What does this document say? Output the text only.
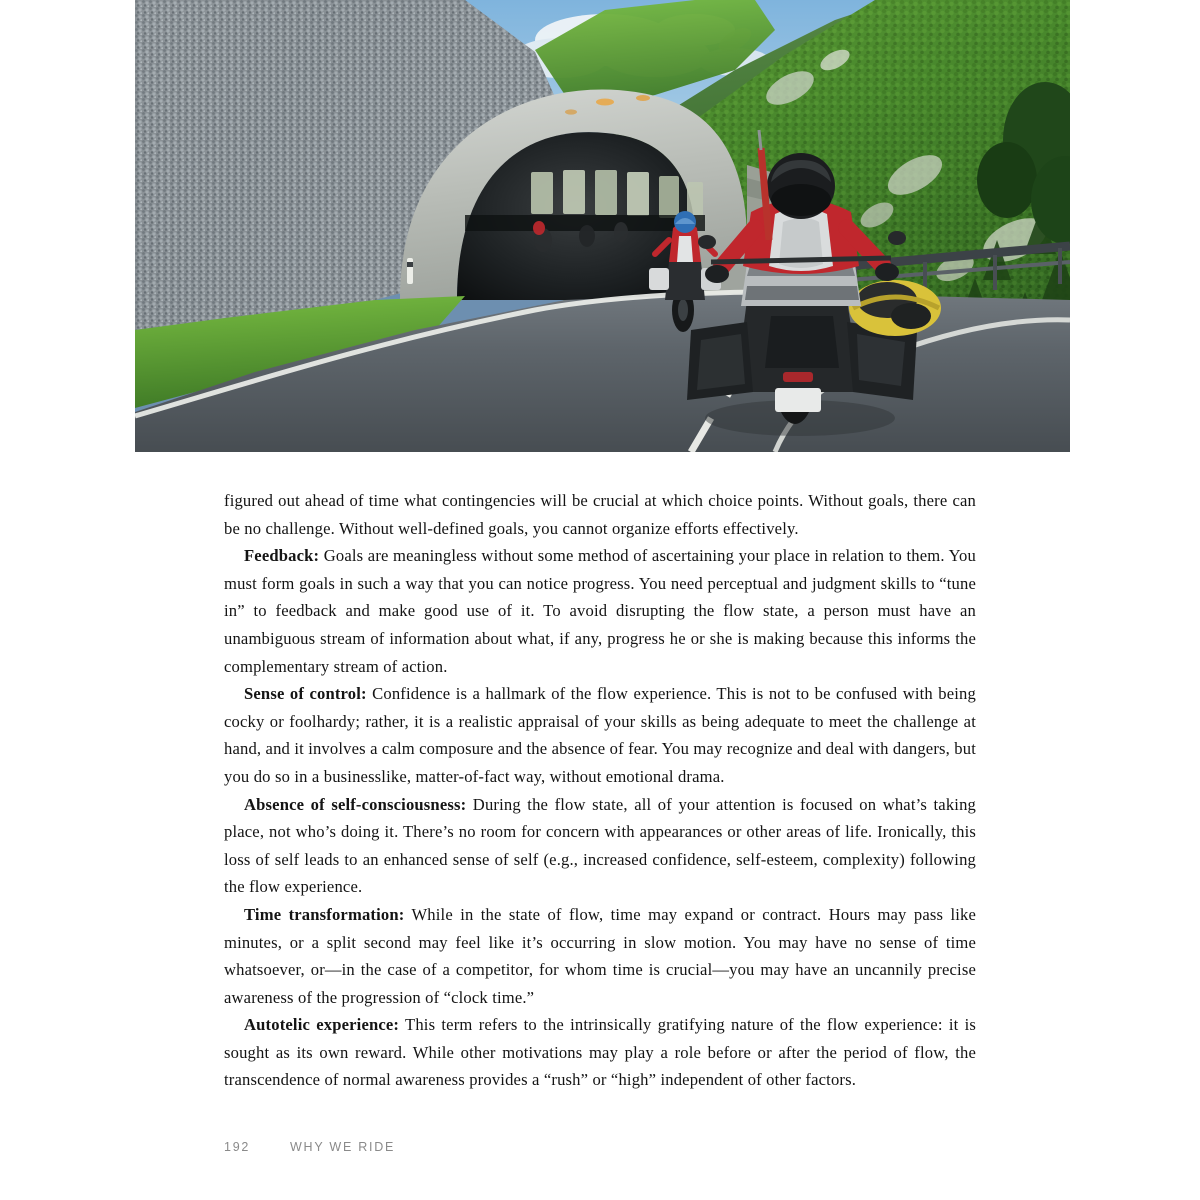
figured out ahead of time what contingencies will be crucial at which choice points. Without goals, there can be no challenge. Without well-defined goals, you cannot organize efforts effectively.

Feedback: Goals are meaningless without some method of ascertaining your place in relation to them. You must form goals in such a way that you can notice progress. You need perceptual and judgment skills to “tune in” to feedback and make good use of it. To avoid disrupting the flow state, a person must have an unambiguous stream of information about what, if any, progress he or she is making because this informs the complementary stream of action.

Sense of control: Confidence is a hallmark of the flow experience. This is not to be confused with being cocky or foolhardy; rather, it is a realistic appraisal of your skills as being adequate to meet the challenge at hand, and it involves a calm composure and the absence of fear. You may recognize and deal with dangers, but you do so in a businesslike, matter-of-fact way, without emotional drama.

Absence of self-consciousness: During the flow state, all of your attention is focused on what’s taking place, not who’s doing it. There’s no room for concern with appearances or other areas of life. Ironically, this loss of self leads to an enhanced sense of self (e.g., increased confidence, self-esteem, complexity) following the flow experience.

Time transformation: While in the state of flow, time may expand or contract. Hours may pass like minutes, or a split second may feel like it’s occurring in slow motion. You may have no sense of time whatsoever, or—in the case of a competitor, for whom time is crucial—you may have an uncannily precise awareness of the progression of “clock time.”

Autotelic experience: This term refers to the intrinsically gratifying nature of the flow experience: it is sought as its own reward. While other motivations may play a role before or after the period of flow, the transcendence of normal awareness provides a “rush” or “high” independent of other factors.

192	WHY WE RIDE
